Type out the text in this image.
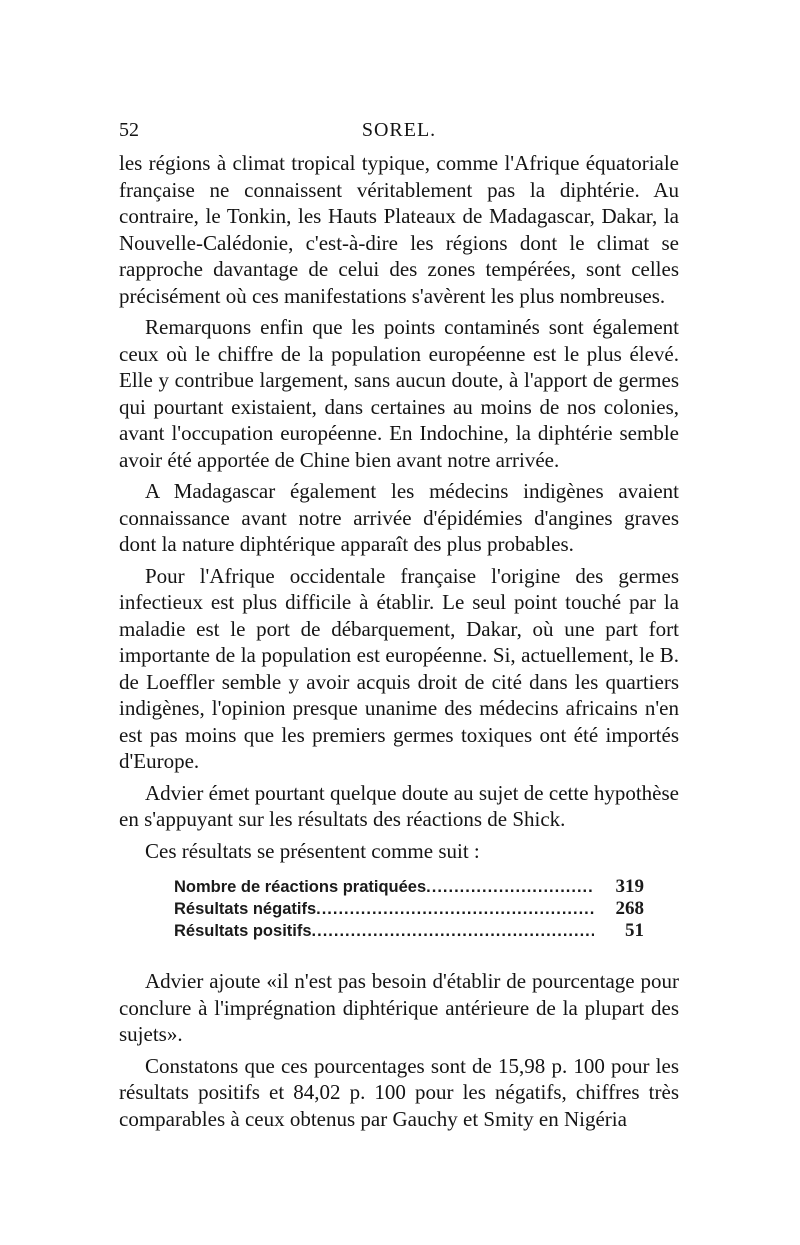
52	SOREL.

les régions à climat tropical typique, comme l'Afrique équatoriale française ne connaissent véritablement pas la diphtérie. Au contraire, le Tonkin, les Hauts Plateaux de Madagascar, Dakar, la Nouvelle-Calédonie, c'est-à-dire les régions dont le climat se rapproche davantage de celui des zones tempérées, sont celles précisément où ces manifestations s'avèrent les plus nombreuses.

Remarquons enfin que les points contaminés sont également ceux où le chiffre de la population européenne est le plus élevé. Elle y contribue largement, sans aucun doute, à l'apport de germes qui pourtant existaient, dans certaines au moins de nos colonies, avant l'occupation européenne. En Indochine, la diphtérie semble avoir été apportée de Chine bien avant notre arrivée.

A Madagascar également les médecins indigènes avaient connaissance avant notre arrivée d'épidémies d'angines graves dont la nature diphtérique apparaît des plus probables.

Pour l'Afrique occidentale française l'origine des germes infectieux est plus difficile à établir. Le seul point touché par la maladie est le port de débarquement, Dakar, où une part fort importante de la population est européenne. Si, actuellement, le B. de Loeffler semble y avoir acquis droit de cité dans les quartiers indigènes, l'opinion presque unanime des médecins africains n'en est pas moins que les premiers germes toxiques ont été importés d'Europe.

Advier émet pourtant quelque doute au sujet de cette hypothèse en s'appuyant sur les résultats des réactions de Shick.

Ces résultats se présentent comme suit :

Nombre de réactions pratiquées .....	319
Résultats négatifs .....	268
Résultats positifs .....	51

Advier ajoute «il n'est pas besoin d'établir de pourcentage pour conclure à l'imprégnation diphtérique antérieure de la plupart des sujets».

Constatons que ces pourcentages sont de 15,98 p. 100 pour les résultats positifs et 84,02 p. 100 pour les négatifs, chiffres très comparables à ceux obtenus par Gauchy et Smity en Nigéria
